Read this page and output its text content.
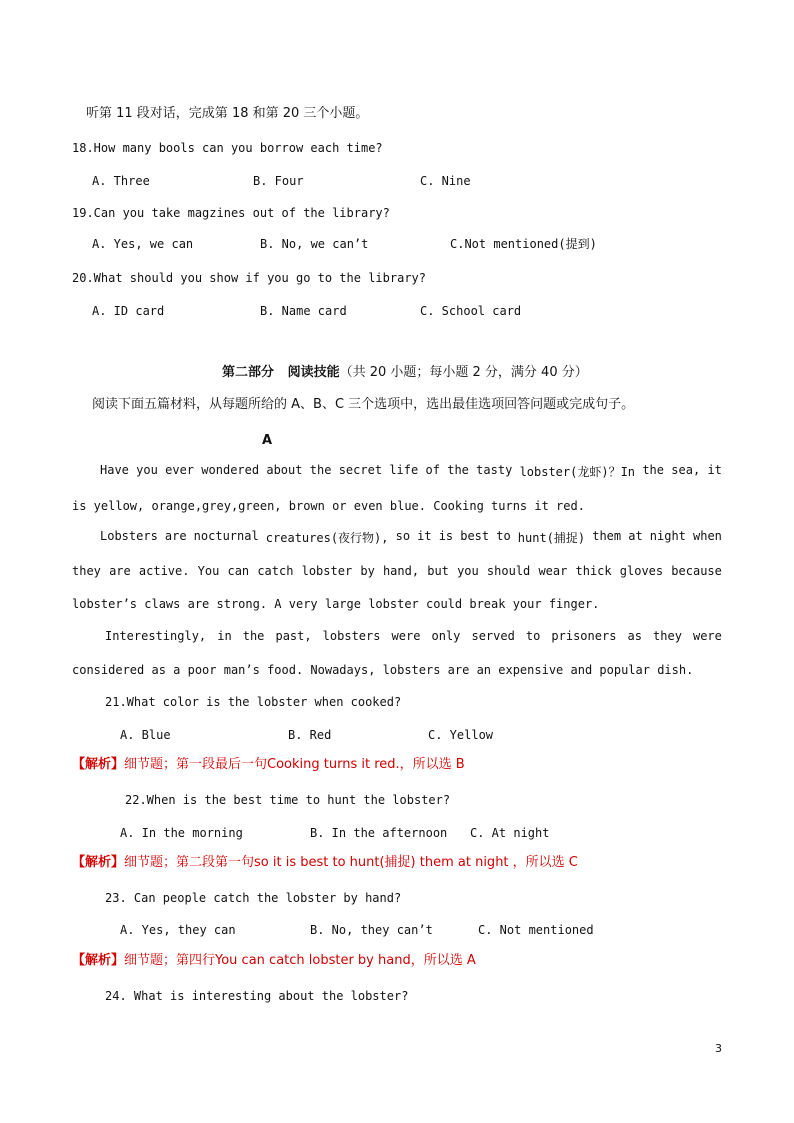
听第 11 段对话，完成第 18 和第 20 三个小题。
18.How many bools can you borrow each time?
A. Three	B. Four	C. Nine
19.Can you take magzines out of the library?
A. Yes, we can	B. No, we can’t	C.Not mentioned(提到)
20.What should you show if you go to the library?
A. ID card	B. Name card	C. School card
第二部分   阅读技能（共 20 小题；每小题 2 分，满分 40 分）
阅读下面五篇材料，从每题所给的 A、B、C 三个选项中，选出最佳选项回答问题或完成句子。
A
Have you ever wondered about the secret life of the tasty lobster(龙虾)？In the sea, it
is yellow, orange,grey,green, brown or even blue. Cooking turns it red.
Lobsters are nocturnal creatures(夜行物), so it is best to hunt(捕捉) them at night when
they are active. You can catch lobster by hand, but you should wear thick gloves because
lobster’s claws are strong. A very large lobster could break your finger.
Interestingly, in the past, lobsters were only served to prisoners as they were
considered as a poor man’s food. Nowadays, lobsters are an expensive and popular dish.
21.What color is the lobster when cooked?
A. Blue	B. Red	C. Yellow
【解析】细节题；第一段最后一句Cooking turns it red.，所以选 B
22.When is the best time to hunt the lobster?
A. In the morning	B. In the afternoon C. At night
【解析】细节题；第二段第一句so it is best to hunt(捕捉) them at night ，所以选 C
23. Can people catch the lobster by hand?
A. Yes, they can	B. No, they can’t	C. Not mentioned
【解析】细节题；第四行You can catch lobster by hand，所以选 A
24. What is interesting about the lobster?
3
